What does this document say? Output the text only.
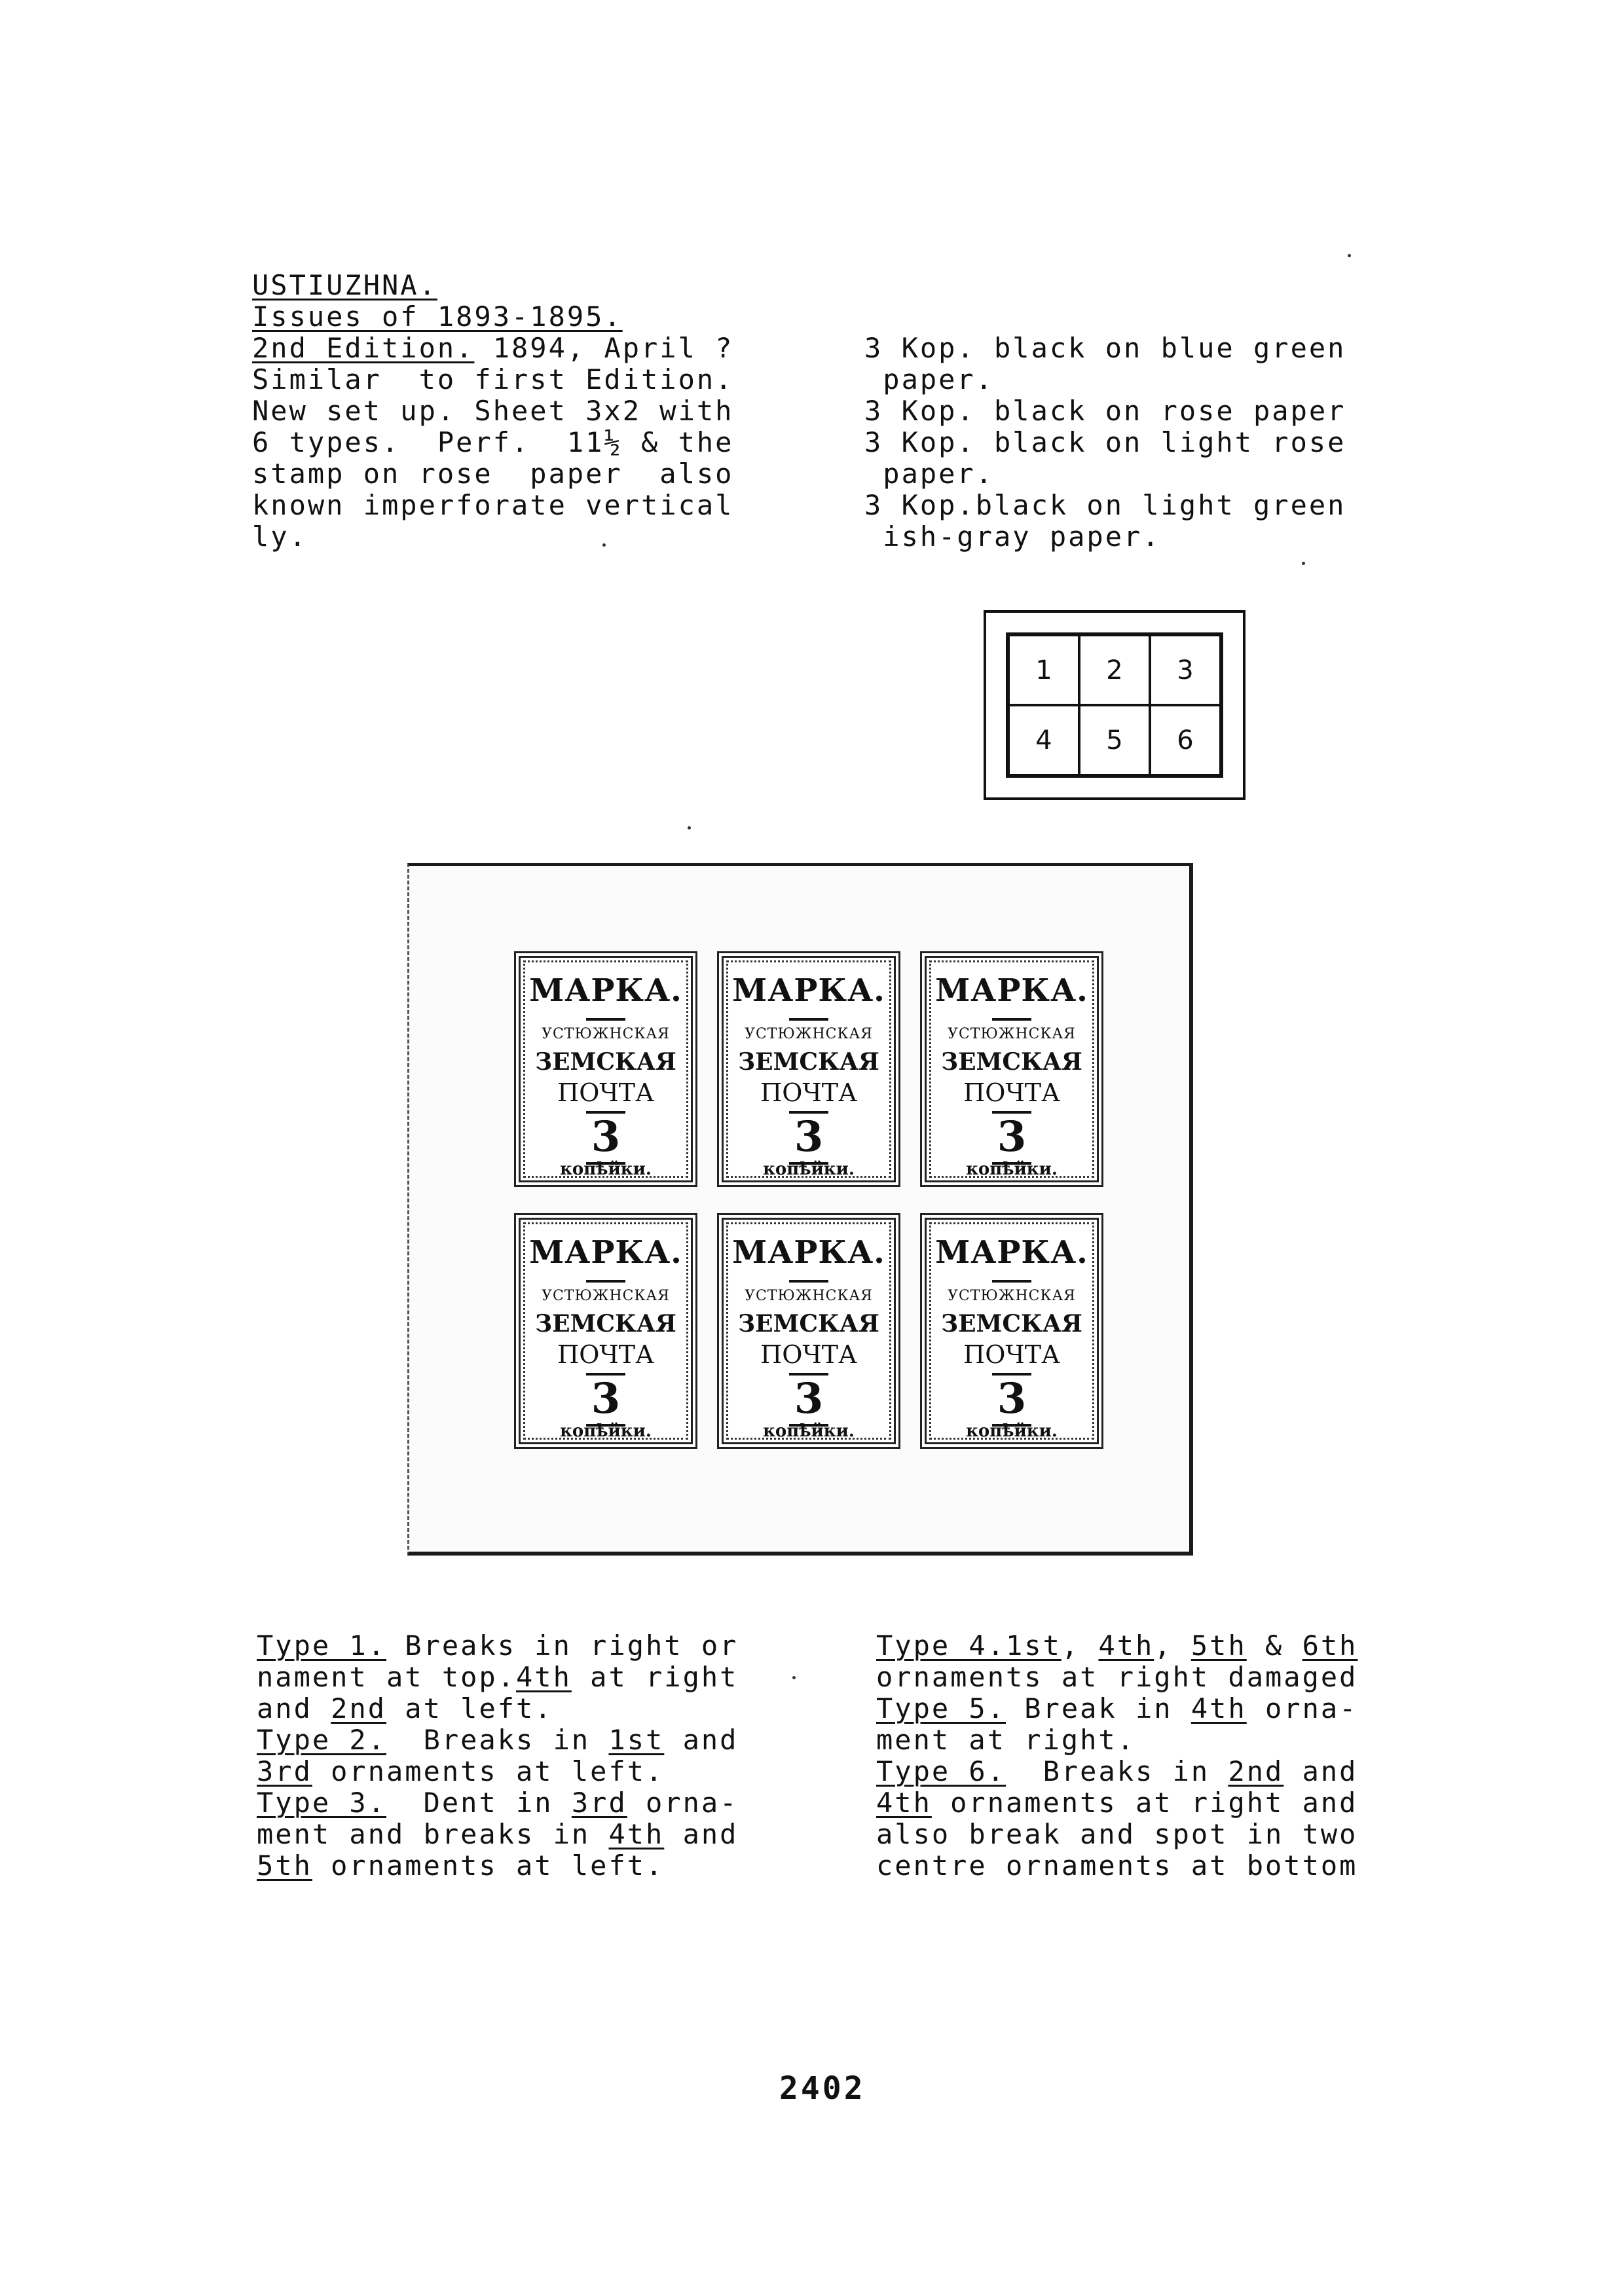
USTIUZHNA.
Issues of 1893-1895.
2nd Edition. 1894, April ?
Similar  to first Edition.
New set up. Sheet 3x2 with
6 types.  Perf.  11½ & the
stamp on rose  paper  also
known imperforate vertical
ly.
3 Kop. black on blue green
paper.
3 Kop. black on rose paper
3 Kop. black on light rose
paper.
3 Kop.black on light green
ish-gray paper.
1	2	3
4	5	6
МАРКА.
УСТЮЖНСКАЯ
ЗЕМСКАЯ
ПОЧТА
3
копѣйки.
МАРКА.
УСТЮЖНСКАЯ
ЗЕМСКАЯ
ПОЧТА
3
копѣйки.
МАРКА.
УСТЮЖНСКАЯ
ЗЕМСКАЯ
ПОЧТА
3
копѣйки.
МАРКА.
УСТЮЖНСКАЯ
ЗЕМСКАЯ
ПОЧТА
3
копѣйки.
МАРКА.
УСТЮЖНСКАЯ
ЗЕМСКАЯ
ПОЧТА
3
копѣйки.
МАРКА.
УСТЮЖНСКАЯ
ЗЕМСКАЯ
ПОЧТА
3
копѣйки.
Type 1. Breaks in right or
nament at top.4th at right
and 2nd at left.
Type 2.  Breaks in 1st and
3rd ornaments at left.
Type 3.  Dent in 3rd orna-
ment and breaks in 4th and
5th ornaments at left.
Type 4.1st, 4th, 5th & 6th
ornaments at right damaged
Type 5. Break in 4th orna-
ment at right.
Type 6.  Breaks in 2nd and
4th ornaments at right and
also break and spot in two
centre ornaments at bottom
2402
